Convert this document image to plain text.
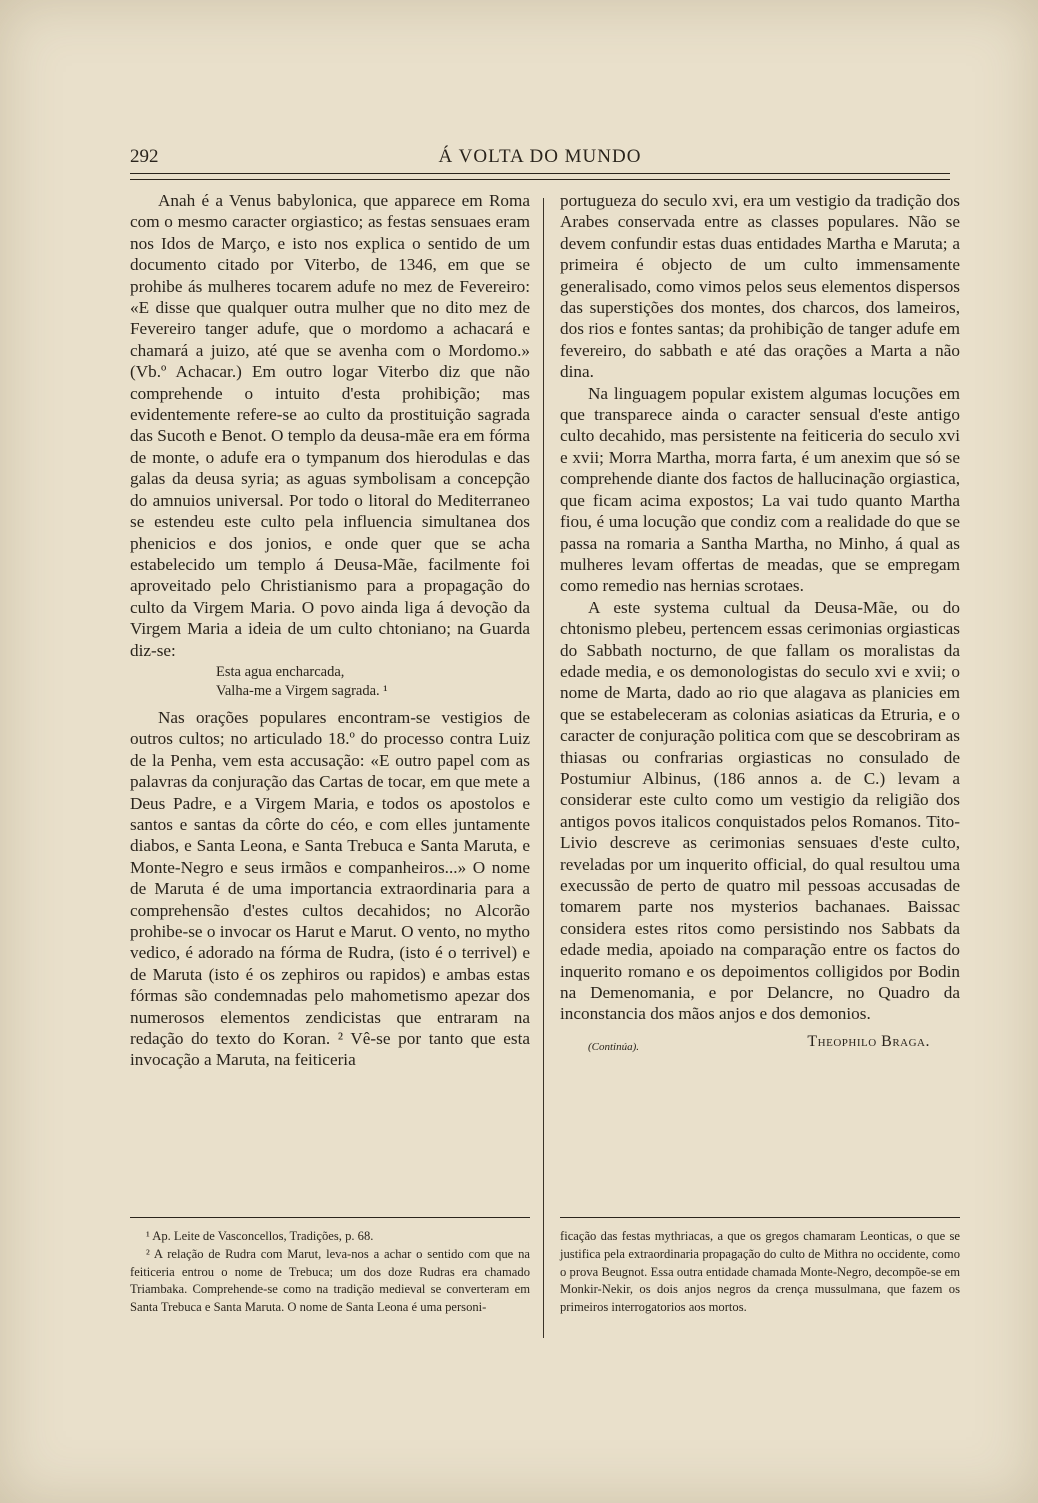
292	Á VOLTA DO MUNDO

Anah é a Venus babylonica, que apparece em Roma com o mesmo caracter orgiastico; as festas sensuaes eram nos Idos de Março, e isto nos explica o sentido de um documento citado por Viterbo, de 1346, em que se prohibe ás mulheres tocarem adufe no mez de Fevereiro: «E disse que qualquer outra mulher que no dito mez de Fevereiro tanger adufe, que o mordomo a achacará e chamará a juizo, até que se avenha com o Mordomo.» (Vb.º Achacar.) Em outro logar Viterbo diz que não comprehende o intuito d'esta prohibição; mas evidentemente refere-se ao culto da prostituição sagrada das Sucoth e Benot. O templo da deusa-mãe era em fórma de monte, o adufe era o tympanum dos hierodulas e das galas da deusa syria; as aguas symbolisam a concepção do amnuios universal. Por todo o litoral do Mediterraneo se estendeu este culto pela influencia simultanea dos phenicios e dos jonios, e onde quer que se acha estabelecido um templo á Deusa-Mãe, facilmente foi aproveitado pelo Christianismo para a propagação do culto da Virgem Maria. O povo ainda liga á devoção da Virgem Maria a ideia de um culto chtoniano; na Guarda diz-se:

Esta agua encharcada,
Valha-me a Virgem sagrada. ¹

Nas orações populares encontram-se vestigios de outros cultos; no articulado 18.º do processo contra Luiz de la Penha, vem esta accusação: «E outro papel com as palavras da conjuração das Cartas de tocar, em que mete a Deus Padre, e a Virgem Maria, e todos os apostolos e santos e santas da côrte do céo, e com elles juntamente diabos, e Santa Leona, e Santa Trebuca e Santa Maruta, e Monte-Negro e seus irmãos e companheiros...» O nome de Maruta é de uma importancia extraordinaria para a comprehensão d'estes cultos decahidos; no Alcorão prohibe-se o invocar os Harut e Marut. O vento, no mytho vedico, é adorado na fórma de Rudra, (isto é o terrivel) e de Maruta (isto é os zephiros ou rapidos) e ambas estas fórmas são condemnadas pelo mahometismo apezar dos numerosos elementos zendicistas que entraram na redação do texto do Koran. ² Vê-se por tanto que esta invocação a Maruta, na feiticeria

portugueza do seculo xvi, era um vestigio da tradição dos Arabes conservada entre as classes populares. Não se devem confundir estas duas entidades Martha e Maruta; a primeira é objecto de um culto immensamente generalisado, como vimos pelos seus elementos dispersos das superstições dos montes, dos charcos, dos lameiros, dos rios e fontes santas; da prohibição de tanger adufe em fevereiro, do sabbath e até das orações a Marta a não dina.

Na linguagem popular existem algumas locuções em que transparece ainda o caracter sensual d'este antigo culto decahido, mas persistente na feiticeria do seculo xvi e xvii; Morra Martha, morra farta, é um anexim que só se comprehende diante dos factos de hallucinação orgiastica, que ficam acima expostos; La vai tudo quanto Martha fiou, é uma locução que condiz com a realidade do que se passa na romaria a Santha Martha, no Minho, á qual as mulheres levam offertas de meadas, que se empregam como remedio nas hernias scrotaes.

A este systema cultual da Deusa-Mãe, ou do chtonismo plebeu, pertencem essas cerimonias orgiasticas do Sabbath nocturno, de que fallam os moralistas da edade media, e os demonologistas do seculo xvi e xvii; o nome de Marta, dado ao rio que alagava as planicies em que se estabeleceram as colonias asiaticas da Etruria, e o caracter de conjuração politica com que se descobriram as thiasas ou confrarias orgiasticas no consulado de Postumiur Albinus, (186 annos a. de C.) levam a considerar este culto como um vestigio da religião dos antigos povos italicos conquistados pelos Romanos. Tito-Livio descreve as cerimonias sensuaes d'este culto, reveladas por um inquerito official, do qual resultou uma execussão de perto de quatro mil pessoas accusadas de tomarem parte nos mysterios bachanaes. Baissac considera estes ritos como persistindo nos Sabbats da edade media, apoiado na comparação entre os factos do inquerito romano e os depoimentos colligidos por Bodin na Demenomania, e por Delancre, no Quadro da inconstancia dos mãos anjos e dos demonios.

(Continúa).	Theophilo Braga.

¹ Ap. Leite de Vasconcellos, Tradições, p. 68.

² A relação de Rudra com Marut, leva-nos a achar o sentido com que na feiticeria entrou o nome de Trebuca; um dos doze Rudras era chamado Triambaka. Comprehende-se como na tradição medieval se converteram em Santa Trebuca e Santa Maruta. O nome de Santa Leona é uma personi-

ficação das festas mythriacas, a que os gregos chamaram Leonticas, o que se justifica pela extraordinaria propagação do culto de Mithra no occidente, como o prova Beugnot. Essa outra entidade chamada Monte-Negro, decompõe-se em Monkir-Nekir, os dois anjos negros da crença mussulmana, que fazem os primeiros interrogatorios aos mortos.
